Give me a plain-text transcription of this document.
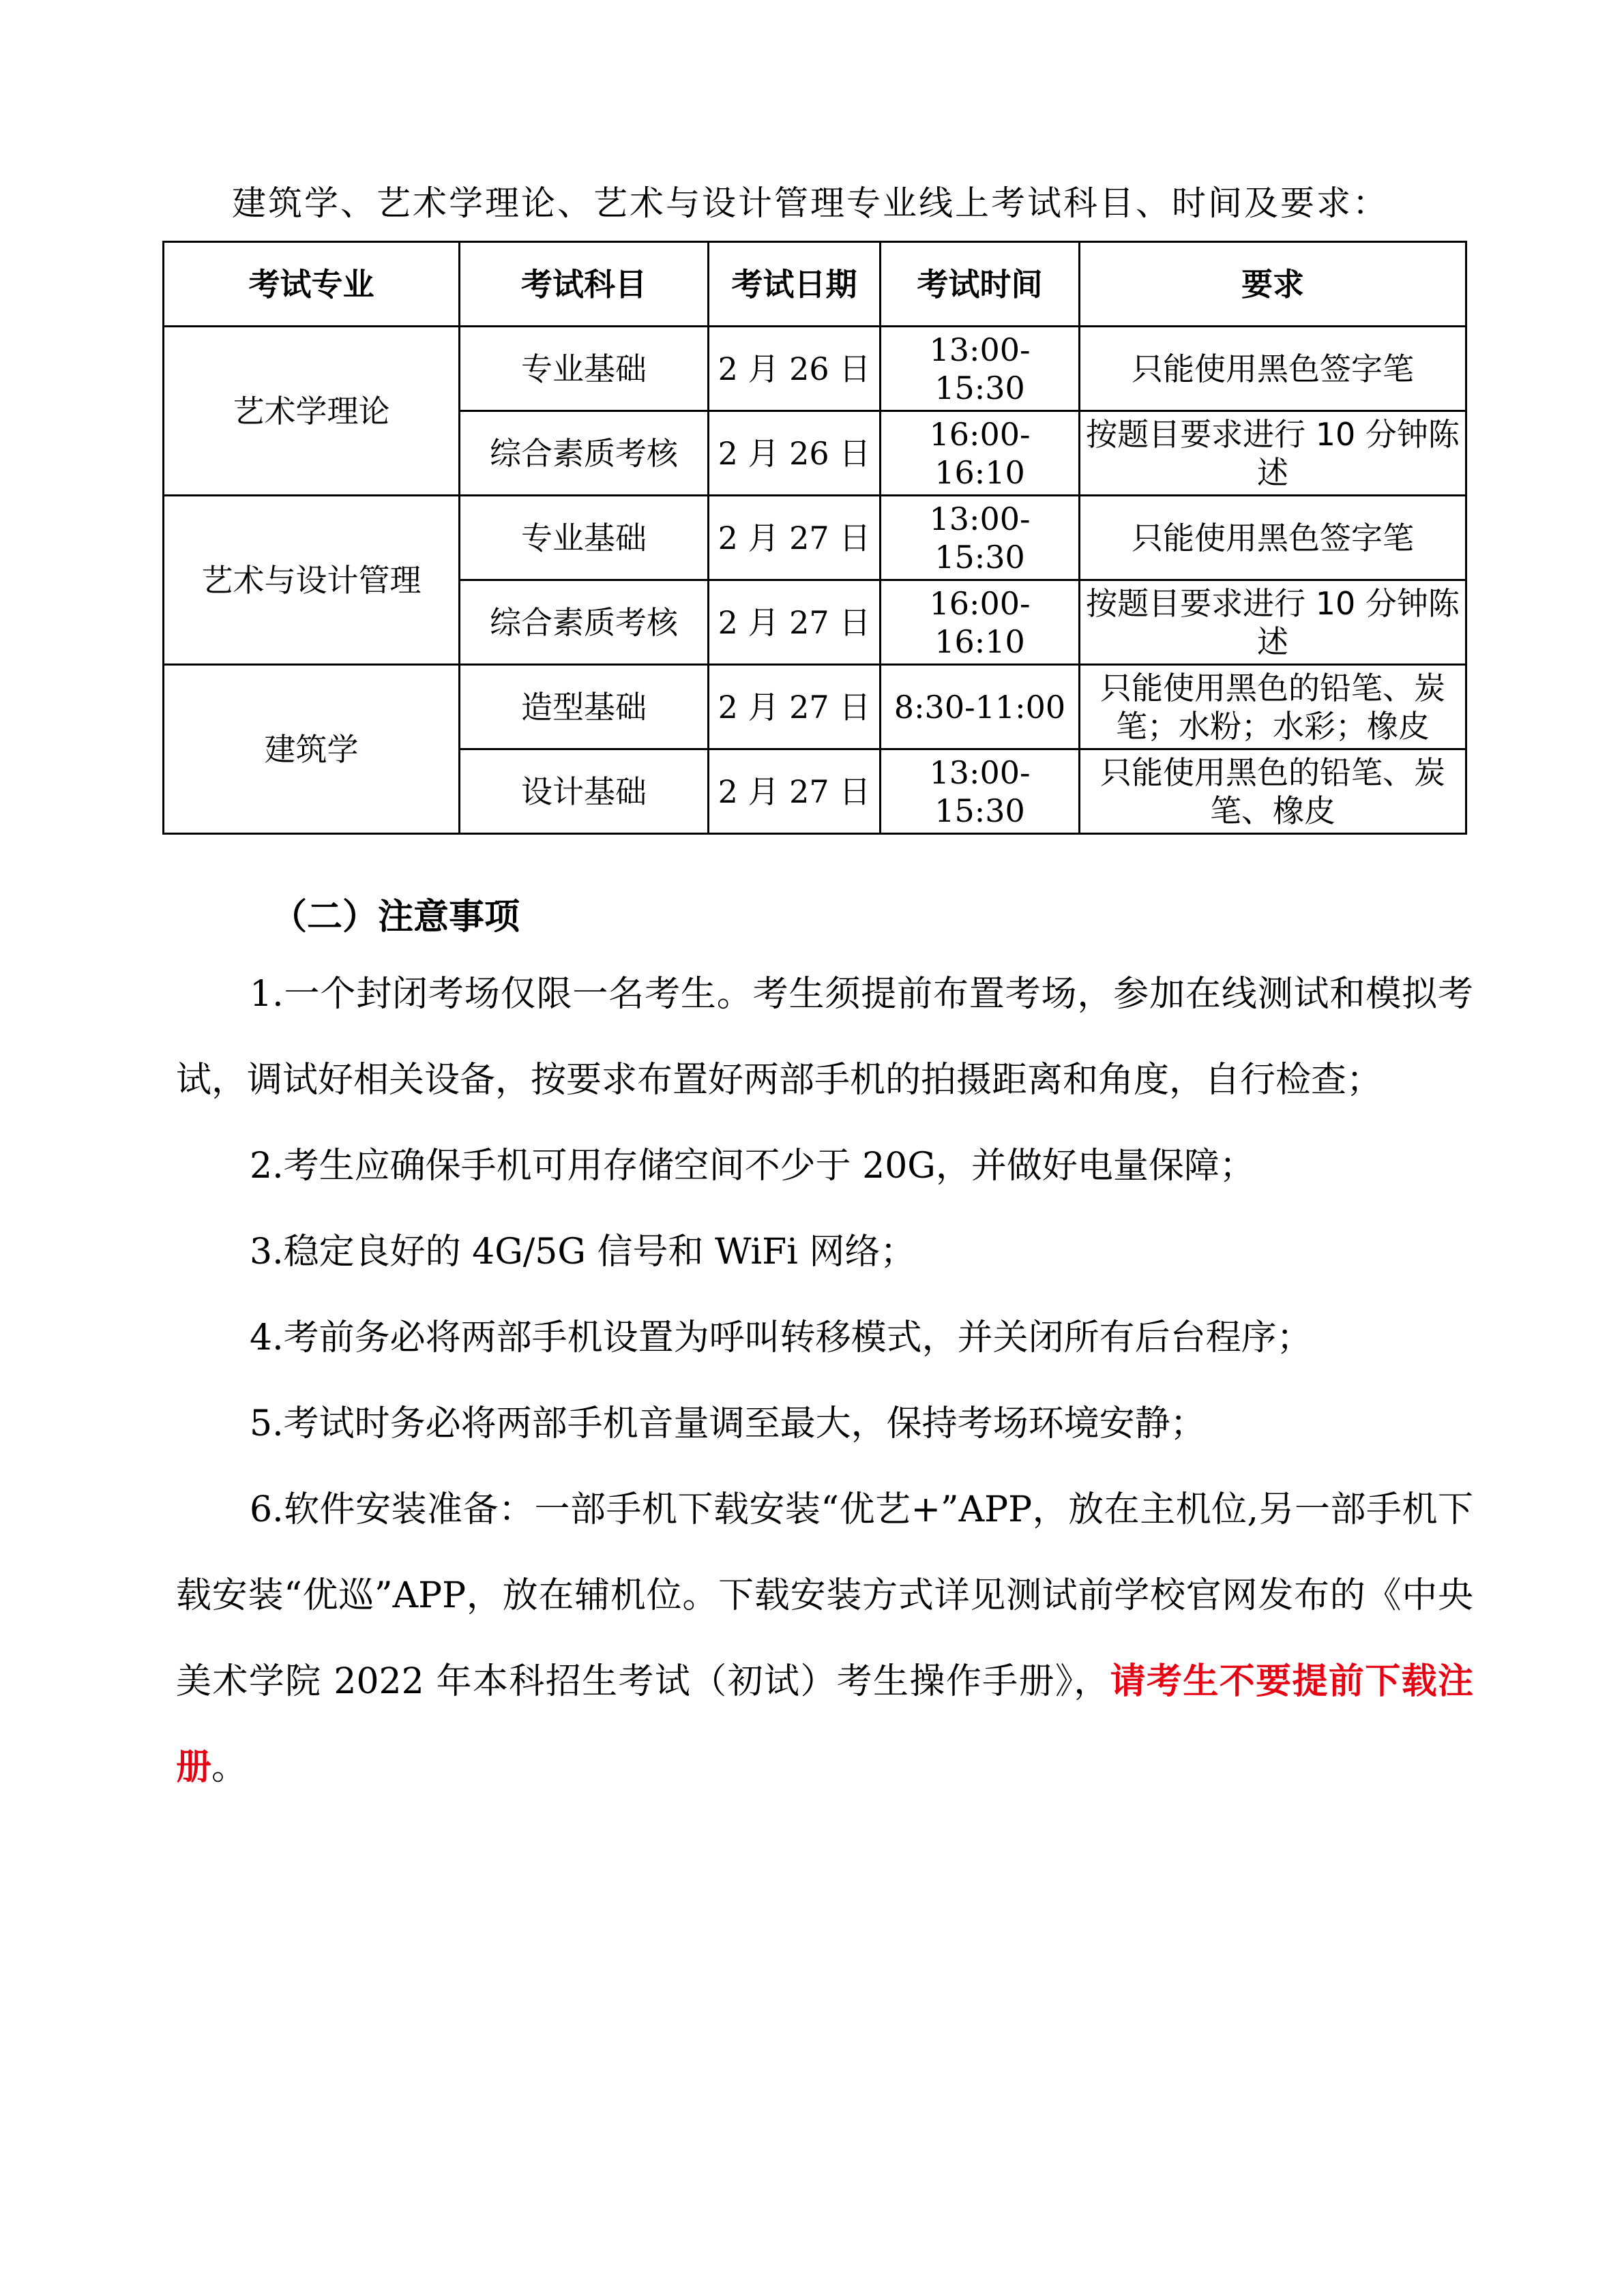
建筑学、艺术学理论、艺术与设计管理专业线上考试科目、时间及要求：
考试专业	考试科目	考试日期	考试时间	要求
艺术学理论	专业基础	2 月 26 日	13:00-15:30	只能使用黑色签字笔
	综合素质考核	2 月 26 日	16:00-16:10	按题目要求进行 10 分钟陈述
艺术与设计管理	专业基础	2 月 27 日	13:00-15:30	只能使用黑色签字笔
	综合素质考核	2 月 27 日	16:00-16:10	按题目要求进行 10 分钟陈述
建筑学	造型基础	2 月 27 日	8:30-11:00	只能使用黑色的铅笔、炭笔；水粉；水彩；橡皮
	设计基础	2 月 27 日	13:00-15:30	只能使用黑色的铅笔、炭笔、橡皮
（二）注意事项

1.一个封闭考场仅限一名考生。考生须提前布置考场，参加在线测试和模拟考试，调试好相关设备，按要求布置好两部手机的拍摄距离和角度，自行检查；

2.考生应确保手机可用存储空间不少于 20G，并做好电量保障；

3.稳定良好的 4G/5G 信号和 WiFi 网络；

4.考前务必将两部手机设置为呼叫转移模式，并关闭所有后台程序；

5.考试时务必将两部手机音量调至最大，保持考场环境安静；

6.软件安装准备：一部手机下载安装“优艺+”APP，放在主机位,另一部手机下载安装“优巡”APP，放在辅机位。下载安装方式详见测试前学校官网发布的《中央美术学院 2022 年本科招生考试（初试）考生操作手册》，请考生不要提前下载注册。
